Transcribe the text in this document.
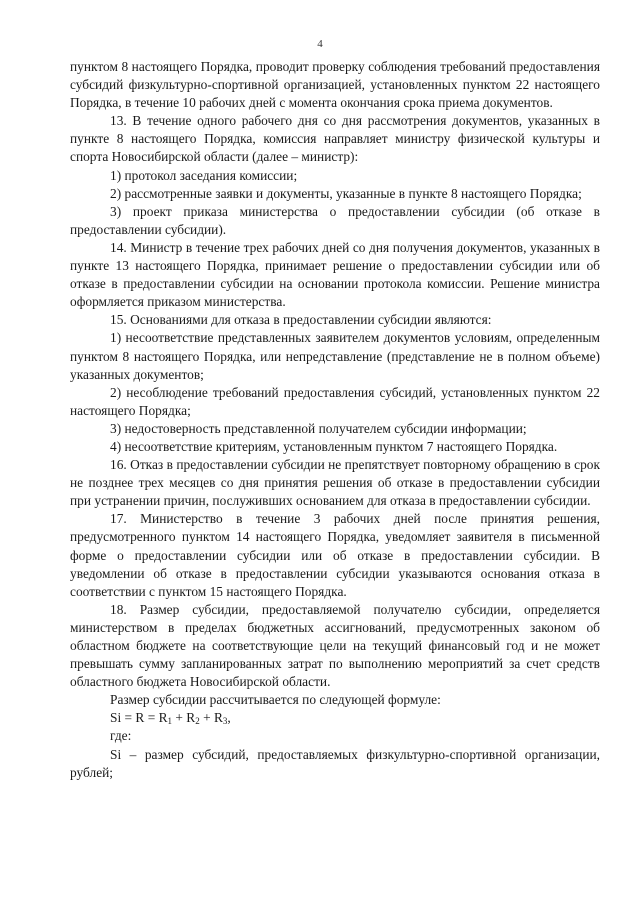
4

пунктом 8 настоящего Порядка, проводит проверку соблюдения требований предоставления субсидий физкультурно-спортивной организацией, установленных пунктом 22 настоящего Порядка, в течение 10 рабочих дней с момента окончания срока приема документов.

13. В течение одного рабочего дня со дня рассмотрения документов, указанных в пункте 8 настоящего Порядка, комиссия направляет министру физической культуры и спорта Новосибирской области (далее – министр):

1) протокол заседания комиссии;

2) рассмотренные заявки и документы, указанные в пункте 8 настоящего Порядка;

3) проект приказа министерства о предоставлении субсидии (об отказе в предоставлении субсидии).

14. Министр в течение трех рабочих дней со дня получения документов, указанных в пункте 13 настоящего Порядка, принимает решение о предоставлении субсидии или об отказе в предоставлении субсидии на основании протокола комиссии. Решение министра оформляется приказом министерства.

15. Основаниями для отказа в предоставлении субсидии являются:

1) несоответствие представленных заявителем документов условиям, определенным пунктом 8 настоящего Порядка, или непредставление (представление не в полном объеме) указанных документов;

2) несоблюдение требований предоставления субсидий, установленных пунктом 22 настоящего Порядка;

3) недостоверность представленной получателем субсидии информации;

4) несоответствие критериям, установленным пунктом 7 настоящего Порядка.

16. Отказ в предоставлении субсидии не препятствует повторному обращению в срок не позднее трех месяцев со дня принятия решения об отказе в предоставлении субсидии при устранении причин, послуживших основанием для отказа в предоставлении субсидии.

17. Министерство в течение 3 рабочих дней после принятия решения, предусмотренного пунктом 14 настоящего Порядка, уведомляет заявителя в письменной форме о предоставлении субсидии или об отказе в предоставлении субсидии. В уведомлении об отказе в предоставлении субсидии указываются основания отказа в соответствии с пунктом 15 настоящего Порядка.

18. Размер субсидии, предоставляемой получателю субсидии, определяется министерством в пределах бюджетных ассигнований, предусмотренных законом об областном бюджете на соответствующие цели на текущий финансовый год и не может превышать сумму запланированных затрат по выполнению мероприятий за счет средств областного бюджета Новосибирской области.

Размер субсидии рассчитывается по следующей формуле:

$Si = R = R_1 + R_2 + R_3$,

где:

Si – размер субсидий, предоставляемых физкультурно-спортивной организации, рублей;
